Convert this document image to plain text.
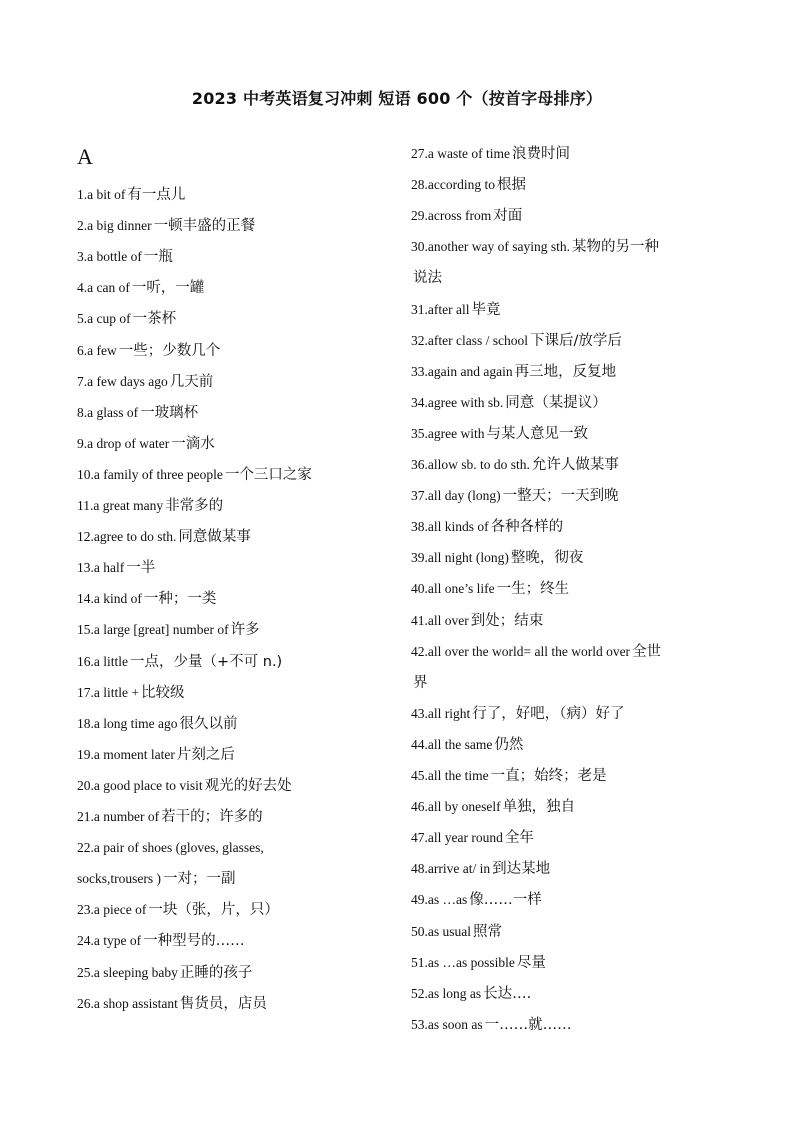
2023 中考英语复习冲刺 短语 600 个（按首字母排序）
A
1.a bit of 有一点儿
2.a big dinner 一顿丰盛的正餐
3.a bottle of 一瓶
4.a can of 一听，一罐
5.a cup of 一茶杯
6.a few 一些；少数几个
7.a few days ago 几天前
8.a glass of 一玻璃杯
9.a drop of water 一滴水
10.a family of three people 一个三口之家
11.a great many 非常多的
12.agree to do sth. 同意做某事
13.a half 一半
14.a kind of 一种；一类
15.a large [great] number of 许多
16.a little 一点，少量（+不可 n.)
17.a little + 比较级
18.a long time ago 很久以前
19.a moment later 片刻之后
20.a good place to visit 观光的好去处
21.a number of 若干的；许多的
22.a pair of shoes (gloves, glasses,
socks,trousers ) 一对；一副
23.a piece of 一块（张，片，只）
24.a type of 一种型号的……
25.a sleeping baby 正睡的孩子
26.a shop assistant 售货员，店员
27.a waste of time 浪费时间
28.according to 根据
29.across from 对面
30.another way of saying sth. 某物的另一种
说法
31.after all 毕竟
32.after class / school 下课后/放学后
33.again and again 再三地，反复地
34.agree with sb. 同意（某提议）
35.agree with 与某人意见一致
36.allow sb. to do sth. 允许人做某事
37.all day (long) 一整天；一天到晚
38.all kinds of 各种各样的
39.all night (long) 整晚，彻夜
40.all one’s life 一生；终生
41.all over 到处；结束
42.all over the world= all the world over 全世
界
43.all right 行了，好吧，（病）好了
44.all the same 仍然
45.all the time 一直；始终；老是
46.all by oneself 单独，独自
47.all year round 全年
48.arrive at/ in 到达某地
49.as …as 像……一样
50.as usual 照常
51.as …as possible 尽量
52.as long as 长达….
53.as soon as 一……就……
